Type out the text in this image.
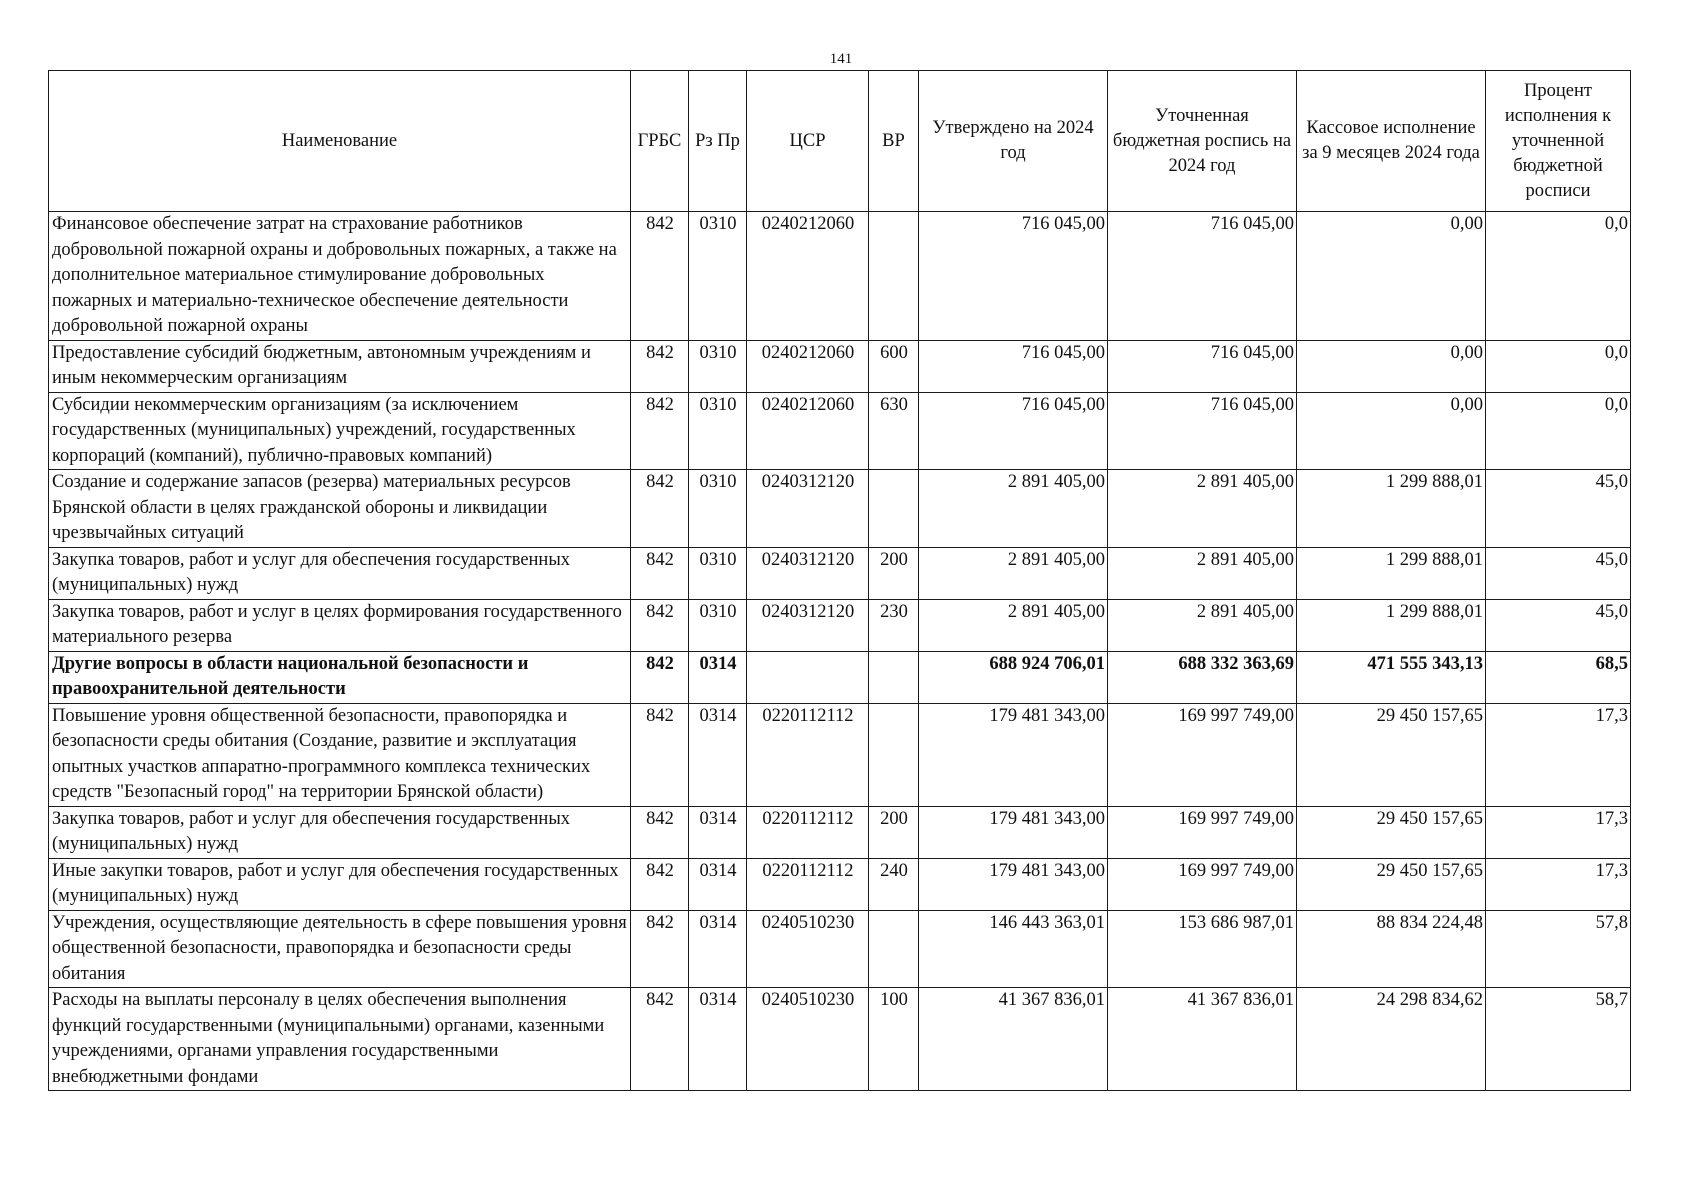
141
Наименование	ГРБС	Рз Пр	ЦСР	ВР	Утверждено на 2024 год	Уточненная бюджетная роспись на 2024 год	Кассовое исполнение за 9 месяцев 2024 года	Процент исполнения к уточненной бюджетной росписи
Финансовое обеспечение затрат на страхование работников добровольной пожарной охраны и добровольных пожарных, а также на дополнительное материальное стимулирование добровольных пожарных и материально-техническое обеспечение деятельности добровольной пожарной охраны	842	0310	0240212060		716 045,00	716 045,00	0,00	0,0
Предоставление субсидий бюджетным, автономным учреждениям и иным некоммерческим организациям	842	0310	0240212060	600	716 045,00	716 045,00	0,00	0,0
Субсидии некоммерческим организациям (за исключением государственных (муниципальных) учреждений, государственных корпораций (компаний), публично-правовых компаний)	842	0310	0240212060	630	716 045,00	716 045,00	0,00	0,0
Создание и содержание запасов (резерва) материальных ресурсов Брянской области в целях гражданской обороны и ликвидации чрезвычайных ситуаций	842	0310	0240312120		2 891 405,00	2 891 405,00	1 299 888,01	45,0
Закупка товаров, работ и услуг для обеспечения государственных (муниципальных) нужд	842	0310	0240312120	200	2 891 405,00	2 891 405,00	1 299 888,01	45,0
Закупка товаров, работ и услуг в целях формирования государственного материального резерва	842	0310	0240312120	230	2 891 405,00	2 891 405,00	1 299 888,01	45,0
Другие вопросы в области национальной безопасности и правоохранительной деятельности	842	0314			688 924 706,01	688 332 363,69	471 555 343,13	68,5
Повышение уровня общественной безопасности, правопорядка и безопасности среды обитания (Создание, развитие и эксплуатация опытных участков аппаратно-программного комплекса технических средств "Безопасный город" на территории Брянской области)	842	0314	0220112112		179 481 343,00	169 997 749,00	29 450 157,65	17,3
Закупка товаров, работ и услуг для обеспечения государственных (муниципальных) нужд	842	0314	0220112112	200	179 481 343,00	169 997 749,00	29 450 157,65	17,3
Иные закупки товаров, работ и услуг для обеспечения государственных (муниципальных) нужд	842	0314	0220112112	240	179 481 343,00	169 997 749,00	29 450 157,65	17,3
Учреждения, осуществляющие деятельность в сфере повышения уровня общественной безопасности, правопорядка и безопасности среды обитания	842	0314	0240510230		146 443 363,01	153 686 987,01	88 834 224,48	57,8
Расходы на выплаты персоналу в целях обеспечения выполнения функций государственными (муниципальными) органами, казенными учреждениями, органами управления государственными внебюджетными фондами	842	0314	0240510230	100	41 367 836,01	41 367 836,01	24 298 834,62	58,7
